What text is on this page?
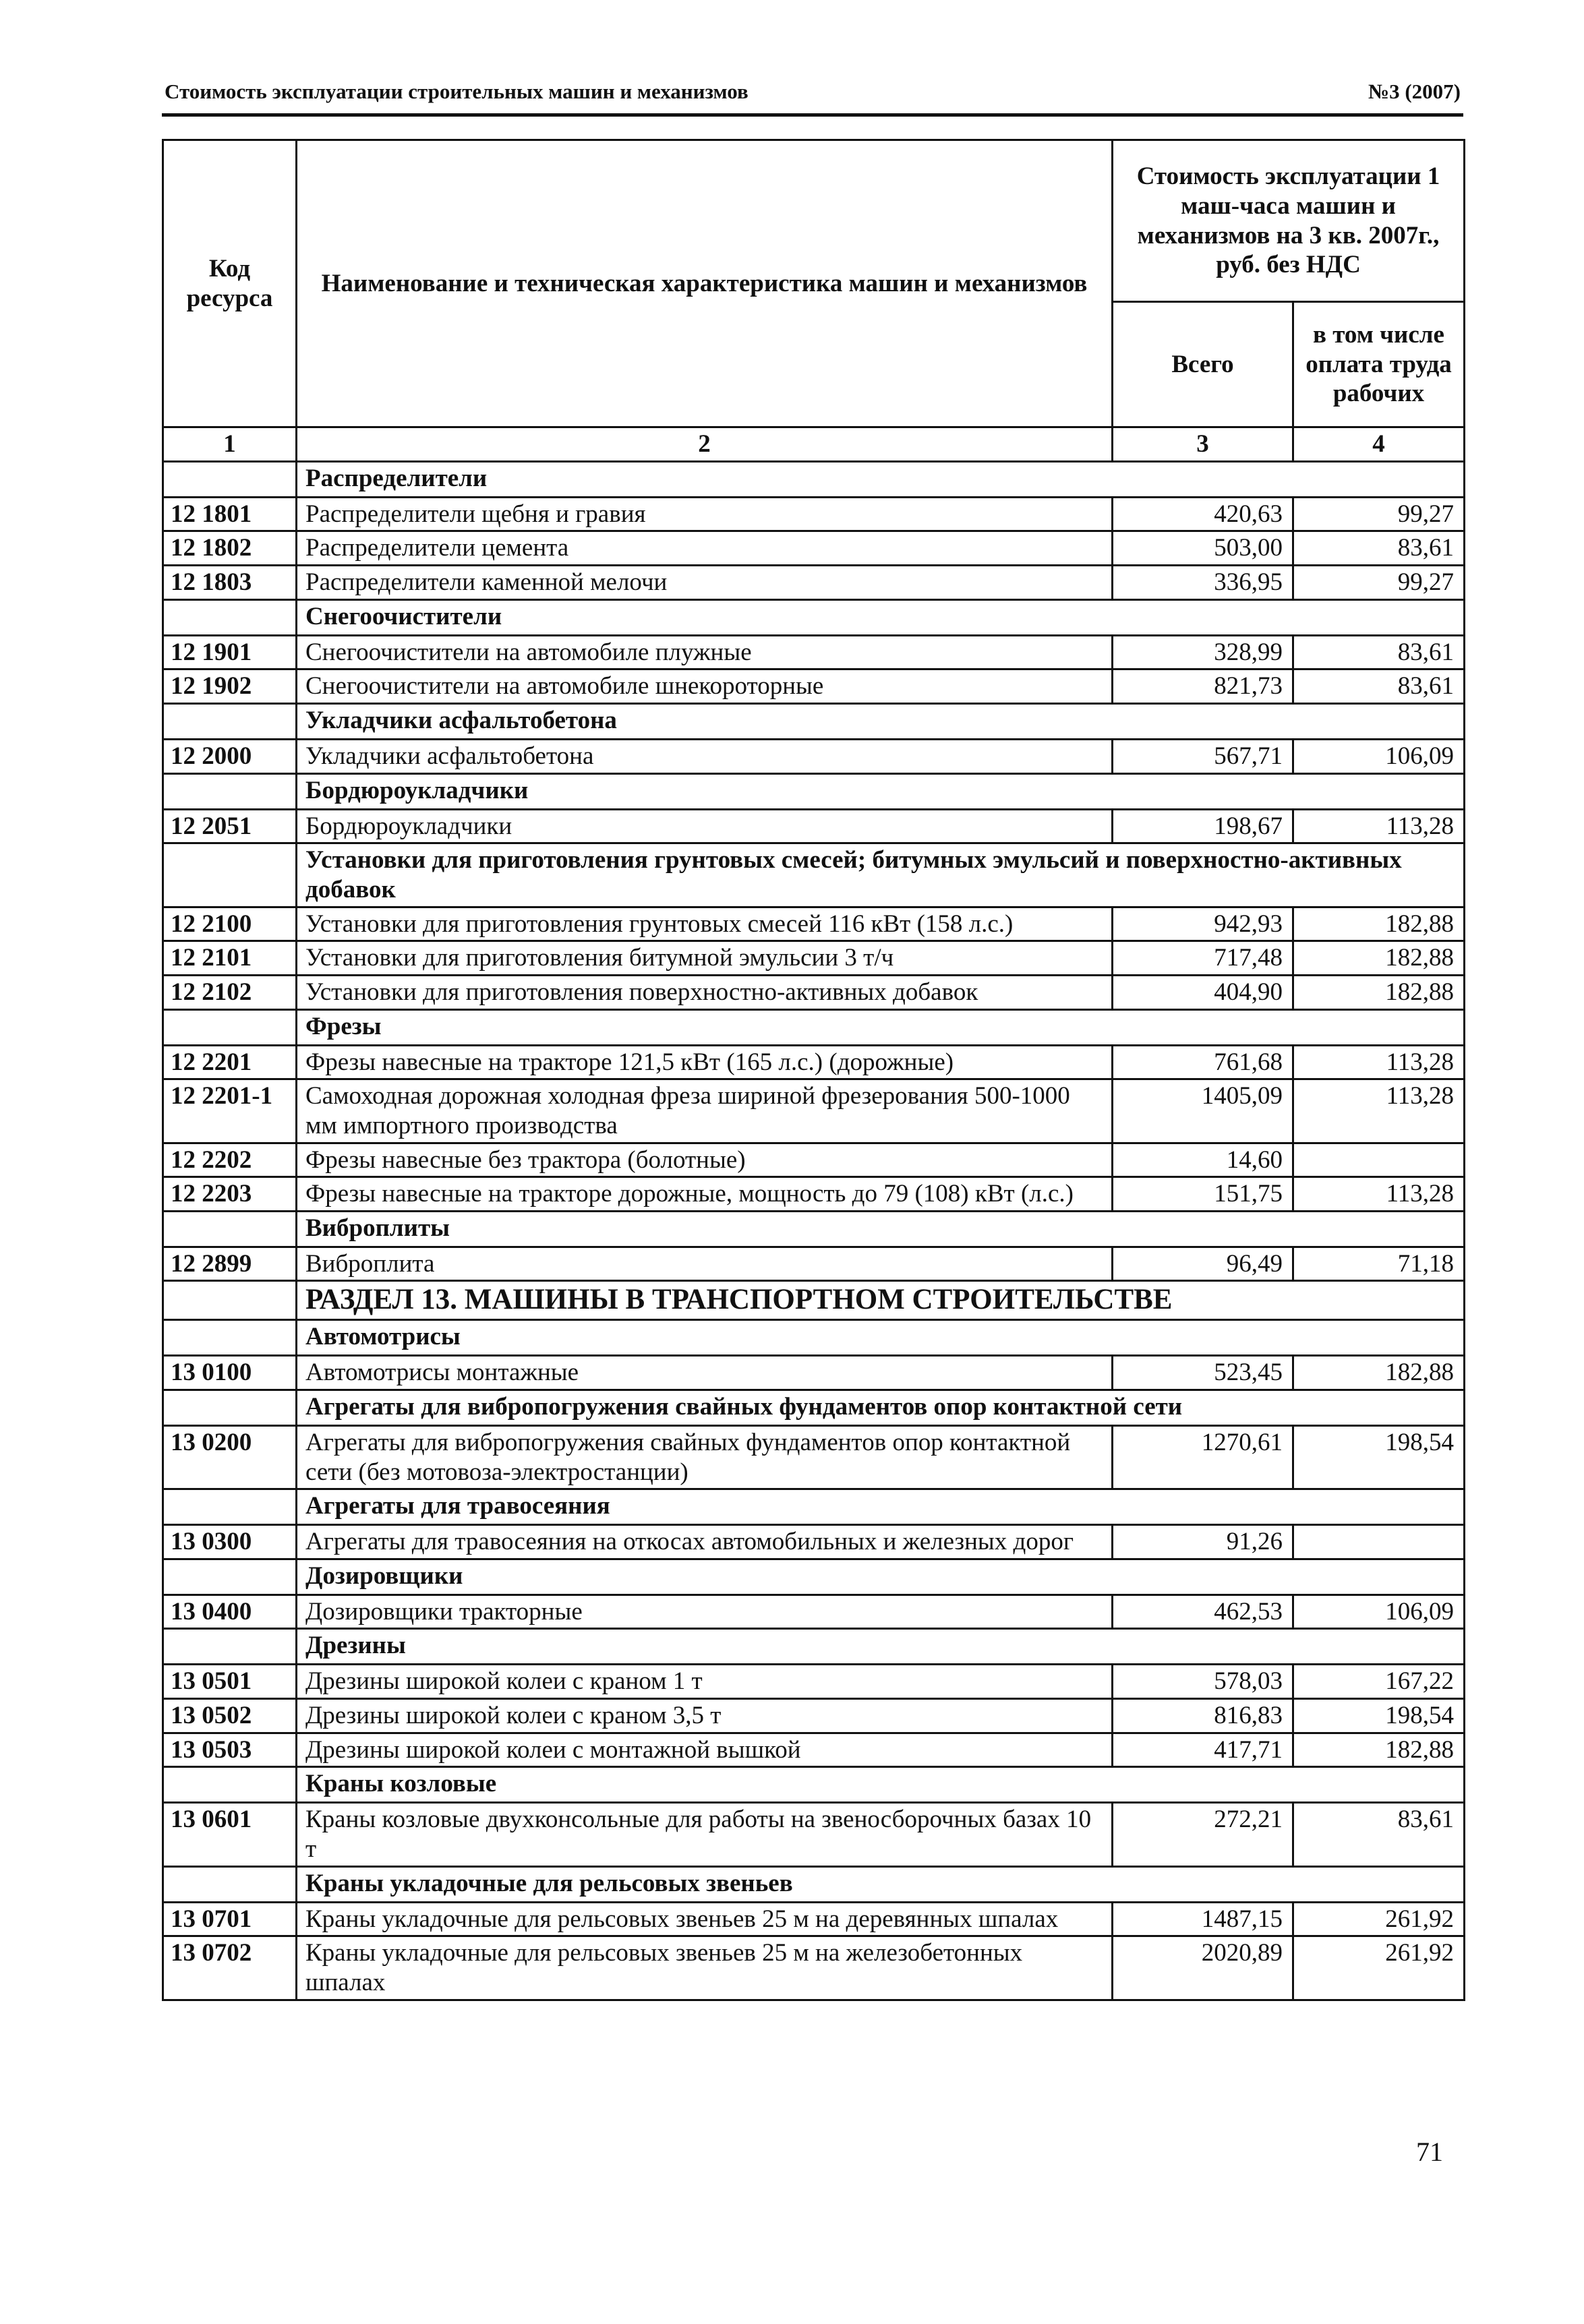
Стоимость эксплуатации строительных машин и механизмов	№3 (2007)
Код ресурса	Наименование и техническая характеристика машин и механизмов	Стоимость эксплуатации 1 маш-часа машин и механизмов на 3 кв. 2007г., руб. без НДС	
		Всего	в том числе оплата труда рабочих
1	2	3	4
	Распределители		
12 1801	Распределители щебня и гравия	420,63	99,27
12 1802	Распределители цемента	503,00	83,61
12 1803	Распределители каменной мелочи	336,95	99,27
	Снегоочистители		
12 1901	Снегоочистители на автомобиле плужные	328,99	83,61
12 1902	Снегоочистители на автомобиле шнекороторные	821,73	83,61
	Укладчики асфальтобетона		
12 2000	Укладчики асфальтобетона	567,71	106,09
	Бордюроукладчики		
12 2051	Бордюроукладчики	198,67	113,28
	Установки для приготовления грунтовых смесей; битумных эмульсий и поверхностно-активных добавок		
12 2100	Установки для приготовления грунтовых смесей 116 кВт (158 л.с.)	942,93	182,88
12 2101	Установки для приготовления битумной эмульсии 3 т/ч	717,48	182,88
12 2102	Установки для приготовления поверхностно-активных добавок	404,90	182,88
	Фрезы		
12 2201	Фрезы навесные на тракторе 121,5 кВт (165 л.с.) (дорожные)	761,68	113,28
12 2201-1	Самоходная дорожная холодная фреза шириной фрезерования 500-1000 мм импортного производства	1405,09	113,28
12 2202	Фрезы навесные без трактора (болотные)	14,60	
12 2203	Фрезы навесные на тракторе дорожные, мощность до 79 (108) кВт (л.с.)	151,75	113,28
	Виброплиты		
12 2899	Виброплита	96,49	71,18
	РАЗДЕЛ 13. МАШИНЫ В ТРАНСПОРТНОМ СТРОИТЕЛЬСТВЕ		
	Автомотрисы		
13 0100	Автомотрисы монтажные	523,45	182,88
	Агрегаты для вибропогружения свайных фундаментов опор контактной сети		
13 0200	Агрегаты для вибропогружения свайных фундаментов опор контактной сети (без мотовоза-электростанции)	1270,61	198,54
	Агрегаты для травосеяния		
13 0300	Агрегаты для травосеяния на откосах автомобильных и железных дорог	91,26	
	Дозировщики		
13 0400	Дозировщики тракторные	462,53	106,09
	Дрезины		
13 0501	Дрезины широкой колеи с краном 1 т	578,03	167,22
13 0502	Дрезины широкой колеи с краном 3,5 т	816,83	198,54
13 0503	Дрезины широкой колеи с монтажной вышкой	417,71	182,88
	Краны козловые		
13 0601	Краны козловые двухконсольные для работы на звеносборочных базах 10 т	272,21	83,61
	Краны укладочные для рельсовых звеньев		
13 0701	Краны укладочные для рельсовых звеньев 25 м на деревянных шпалах	1487,15	261,92
13 0702	Краны укладочные для рельсовых звеньев 25 м на железобетонных шпалах	2020,89	261,92
71
